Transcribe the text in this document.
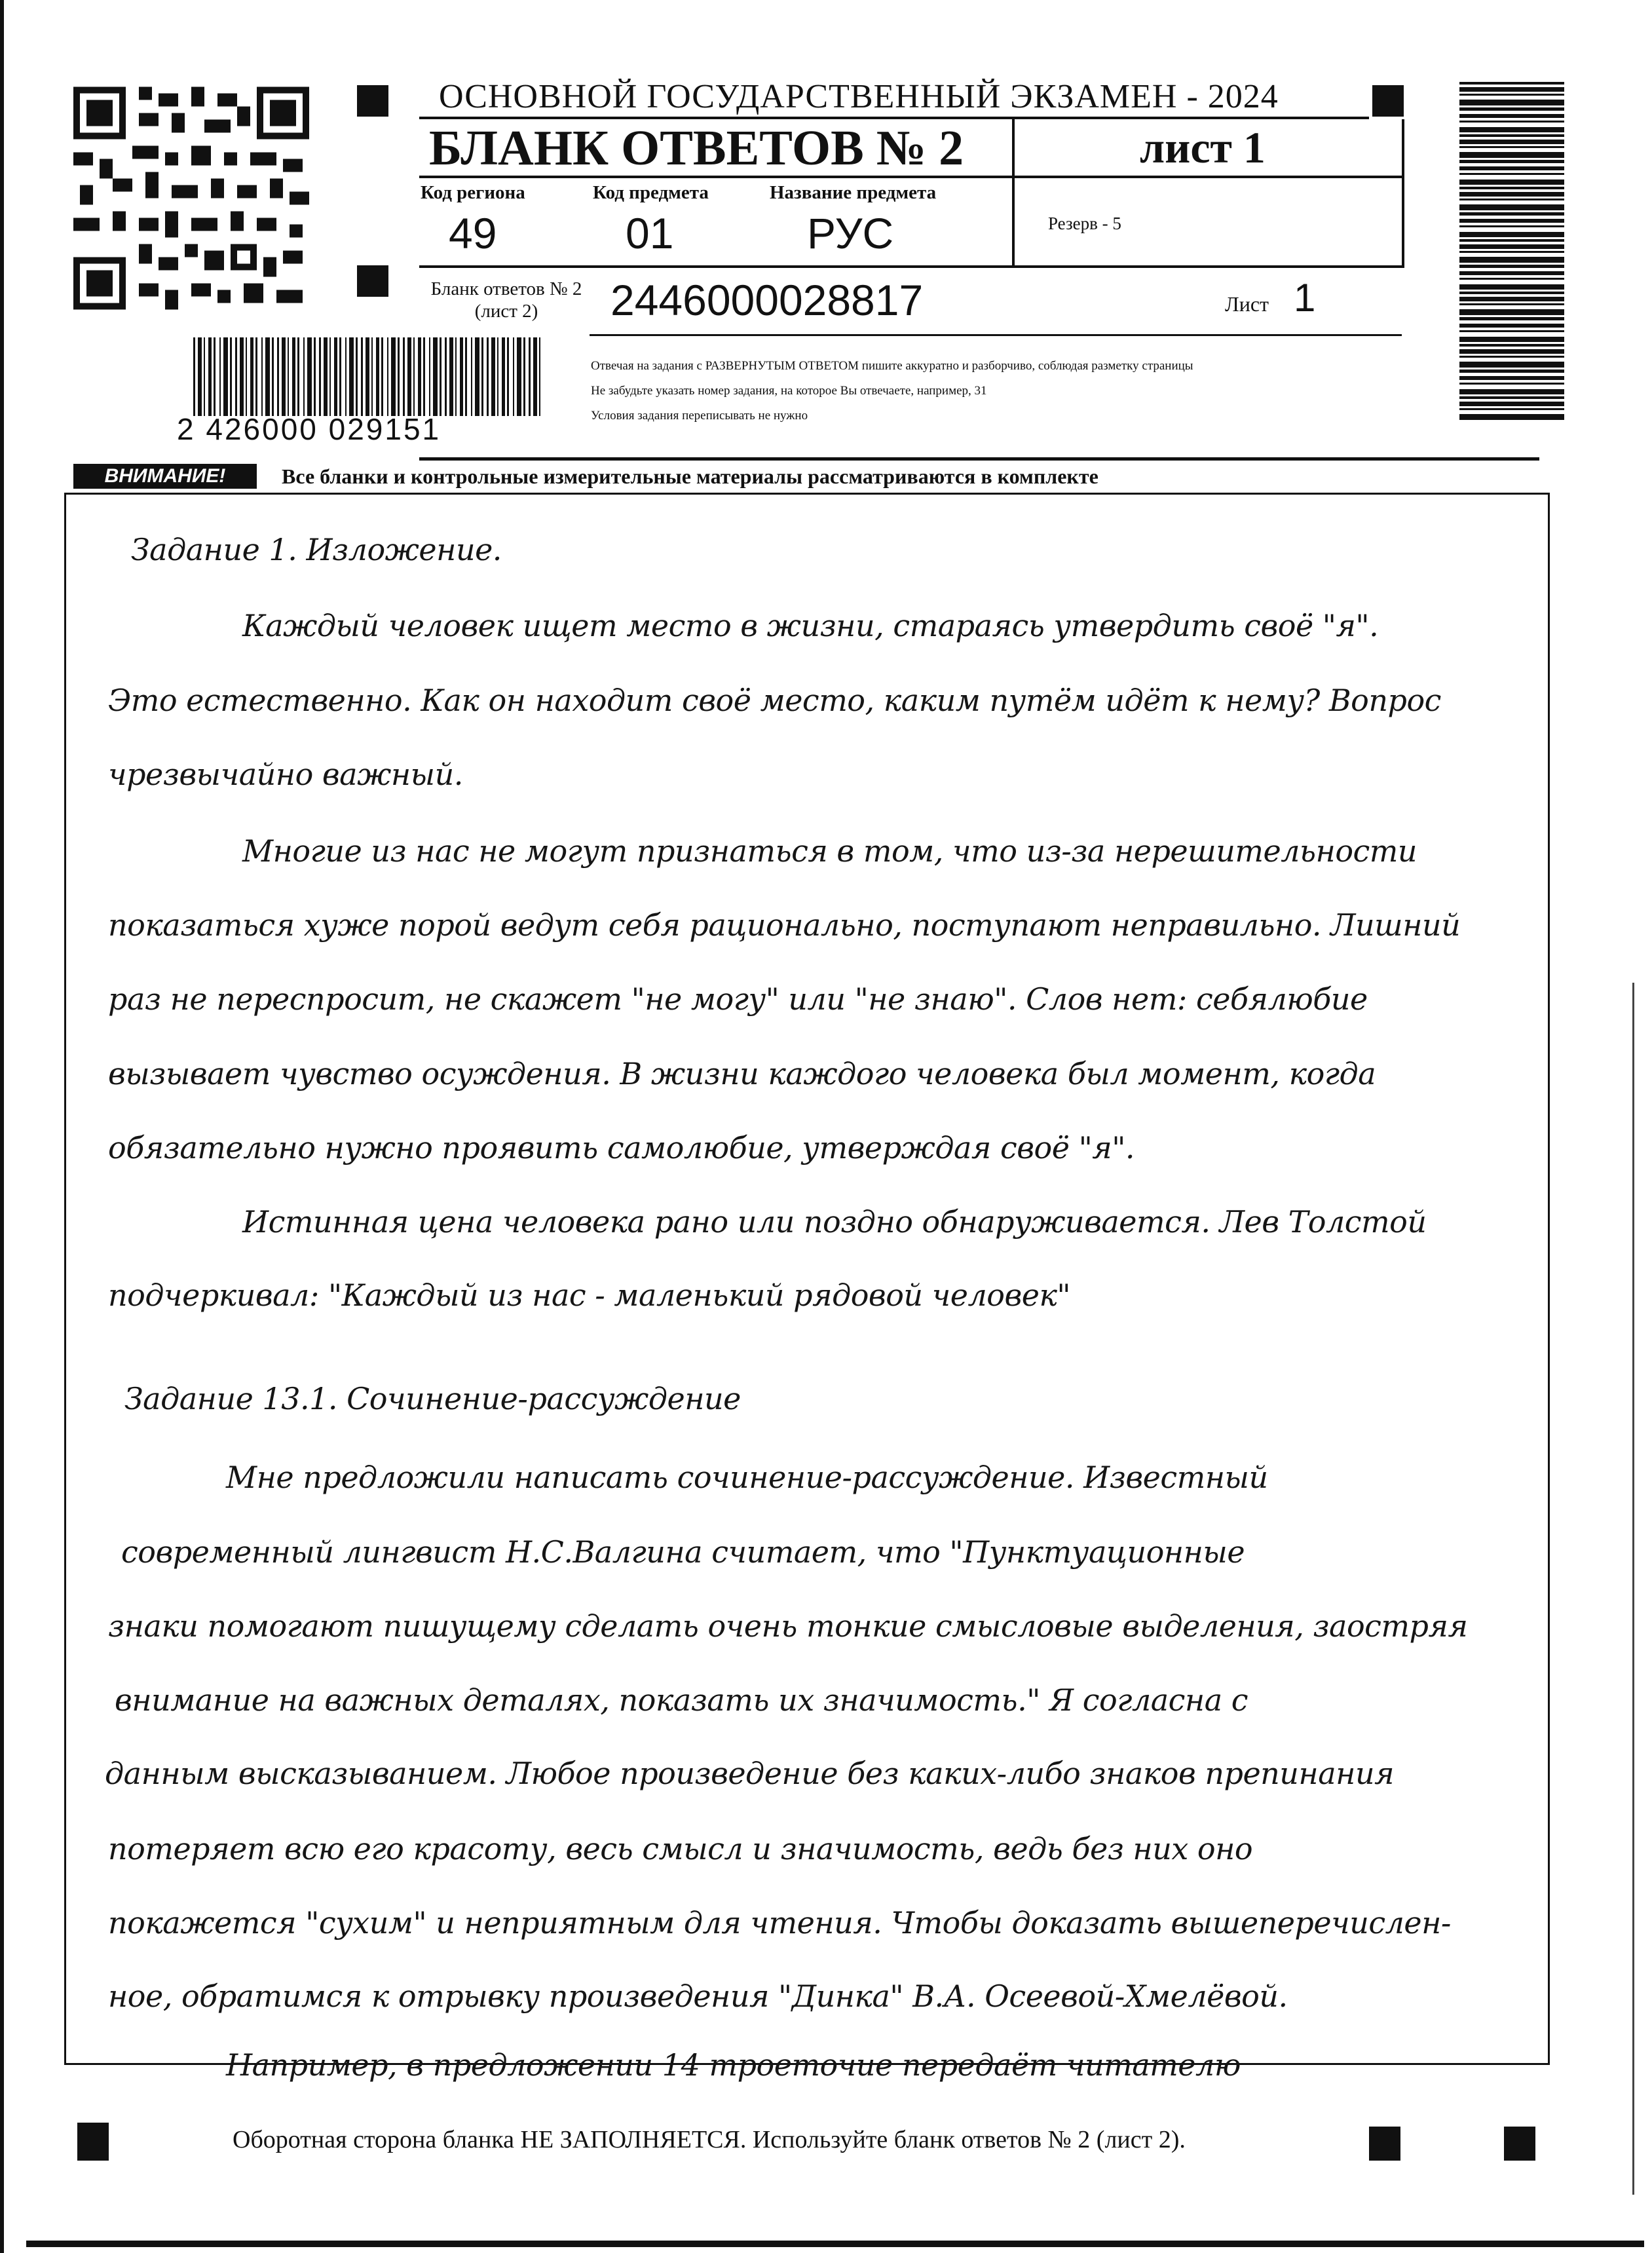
ОСНОВНОЙ ГОСУДАРСТВЕННЫЙ ЭКЗАМЕН - 2024
БЛАНК ОТВЕТОВ № 2	лист 1
Код региона
49
Код предмета
01
Название предмета
РУС	Резерв - 5
Бланк ответов № 2
(лист 2)	2446000028817	Лист 1
Отвечая на задания с РАЗВЕРНУТЫМ ОТВЕТОМ пишите аккуратно и разборчиво, соблюдая разметку страницы
Не забудьте указать номер задания, на которое Вы отвечаете, например, 31
Условия задания переписывать не нужно
2 426000 029151
ВНИМАНИЕ!	Все бланки и контрольные измерительные материалы рассматриваются в комплекте
Задание 1. Изложение.
Каждый человек ищет место в жизни, стараясь утвердить своё "я".
Это естественно. Как он находит своё место, каким путём идёт к нему? Вопрос
чрезвычайно важный.
Многие из нас не могут признаться в том, что из-за нерешительности
показаться хуже порой ведут себя рационально, поступают неправильно. Лишний
раз не переспросит, не скажет "не могу" или "не знаю". Слов нет: себялюбие
вызывает чувство осуждения. В жизни каждого человека был момент, когда
обязательно нужно проявить самолюбие, утверждая своё "я".
Истинная цена человека рано или поздно обнаруживается. Лев Толстой
подчеркивал: "Каждый из нас - маленький рядовой человек"
Задание 13.1. Сочинение-рассуждение
Мне предложили написать сочинение-рассуждение. Известный
современный лингвист Н.С.Валгина считает, что "Пунктуационные
знаки помогают пишущему сделать очень тонкие смысловые выделения, заостряя
внимание на важных деталях, показать их значимость." Я согласна с
данным высказыванием. Любое произведение без каких-либо знаков препинания
потеряет всю его красоту, весь смысл и значимость, ведь без них оно
покажется "сухим" и неприятным для чтения. Чтобы доказать вышеперечислен-
ное, обратимся к отрывку произведения "Динка" В.А. Осеевой-Хмелёвой.
Например, в предложении 14 троеточие передаёт читателю
Оборотная сторона бланка НЕ ЗАПОЛНЯЕТСЯ. Используйте бланк ответов № 2 (лист 2).
